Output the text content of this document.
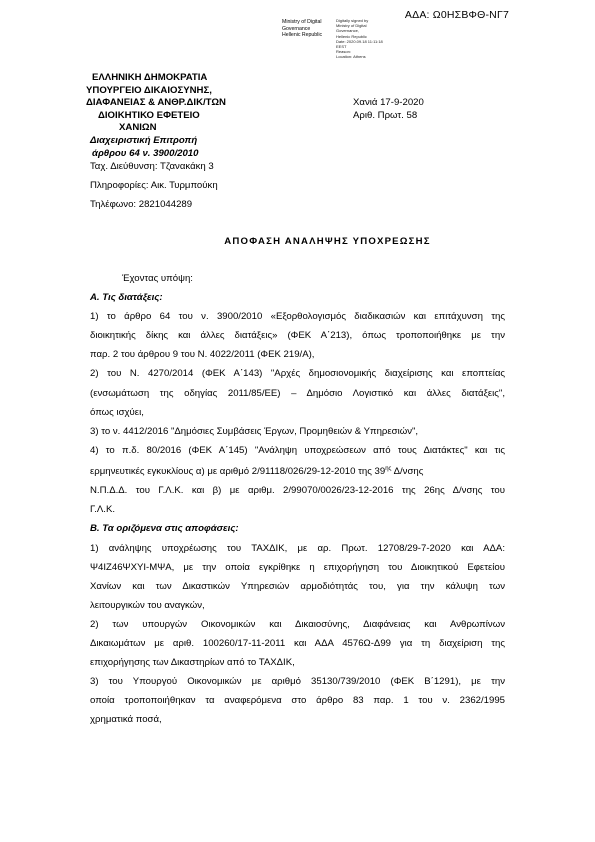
ΑΔΑ: Ω0ΗΣΒΦΘ-ΝΓ7
Ministry of Digital
Governance
Hellenic Republic
Digitally signed by
Ministry of Digital
Governance,
Hellenic Republic
Date: 2020.09.18 11:11:18
EEST
Reason:
Location: Athens
ΕΛΛΗΝΙΚΗ ΔΗΜΟΚΡΑΤΙΑ
ΥΠΟΥΡΓΕΙΟ ΔΙΚΑΙΟΣΥΝΗΣ,
ΔΙΑΦΑΝΕΙΑΣ & ΑΝΘΡ.ΔΙΚ/ΤΩΝ
ΔΙΟΙΚΗΤΙΚΟ ΕΦΕΤΕΙΟ
ΧΑΝΙΩΝ
Διαχειριστική Επιτροπή
άρθρου 64 ν. 3900/2010
Χανιά 17-9-2020
Αριθ. Πρωτ. 58
Ταχ. Διεύθυνση: Τζανακάκη 3
Πληροφορίες: Αικ. Τυρμπούκη
Τηλέφωνο: 2821044289
ΑΠΟΦΑΣΗ ΑΝΑΛΗΨΗΣ ΥΠΟΧΡΕΩΣΗΣ
Έχοντας υπόψη:
Α. Τις διατάξεις:
1) το άρθρο 64 του ν. 3900/2010 «Εξορθολογισμός διαδικασιών και επιτάχυνση της
διοικητικής δίκης και άλλες διατάξεις» (ΦΕΚ Α΄213), όπως τροποποιήθηκε με την
παρ. 2 του άρθρου 9 του Ν. 4022/2011 (ΦΕΚ 219/Α),
2) του Ν. 4270/2014 (ΦΕΚ Α΄143) "Αρχές δημοσιονομικής διαχείρισης και εποπτείας
(ενσωμάτωση της οδηγίας 2011/85/ΕΕ) – Δημόσιο Λογιστικό και άλλες διατάξεις",
όπως ισχύει,
3) το ν. 4412/2016 "Δημόσιες Συμβάσεις Έργων, Προμηθειών & Υπηρεσιών",
4) το π.δ. 80/2016 (ΦΕΚ Α΄145) "Ανάληψη υποχρεώσεων από τους Διατάκτες" και τις
ερμηνευτικές εγκυκλίους α) με αριθμό 2/91118/026/29-12-2010 της $39^{\eta\varsigma}$ Δ/νσης
Ν.Π.Δ.Δ. του Γ.Λ.Κ. και β) με αριθμ. 2/99070/0026/23-12-2016 της 26ης Δ/νσης του
Γ.Λ.Κ.
Β. Τα οριζόμενα στις αποφάσεις:
1) ανάληψης υποχρέωσης του ΤΑΧΔΙΚ, με αρ. Πρωτ. 12708/29-7-2020 και ΑΔΑ:
Ψ4ΙΖ46ΨΧΥΙ-ΜΨΑ, με την οποία εγκρίθηκε η επιχορήγηση του Διοικητικού Εφετείου
Χανίων και των Δικαστικών Υπηρεσιών αρμοδιότητάς του, για την κάλυψη των
λειτουργικών του αναγκών,
2) των υπουργών Οικονομικών και Δικαιοσύνης, Διαφάνειας και Ανθρωπίνων
Δικαιωμάτων με αριθ. 100260/17-11-2011 και ΑΔΑ 4576Ω-Δ99 για τη διαχείριση της
επιχορήγησης των Δικαστηρίων από το ΤΑΧΔΙΚ,
3) του Υπουργού Οικονομικών με αριθμό 35130/739/2010 (ΦΕΚ Β΄1291), με την
οποία τροποποιήθηκαν τα αναφερόμενα στο άρθρο 83 παρ. 1 του ν. 2362/1995
χρηματικά ποσά,
